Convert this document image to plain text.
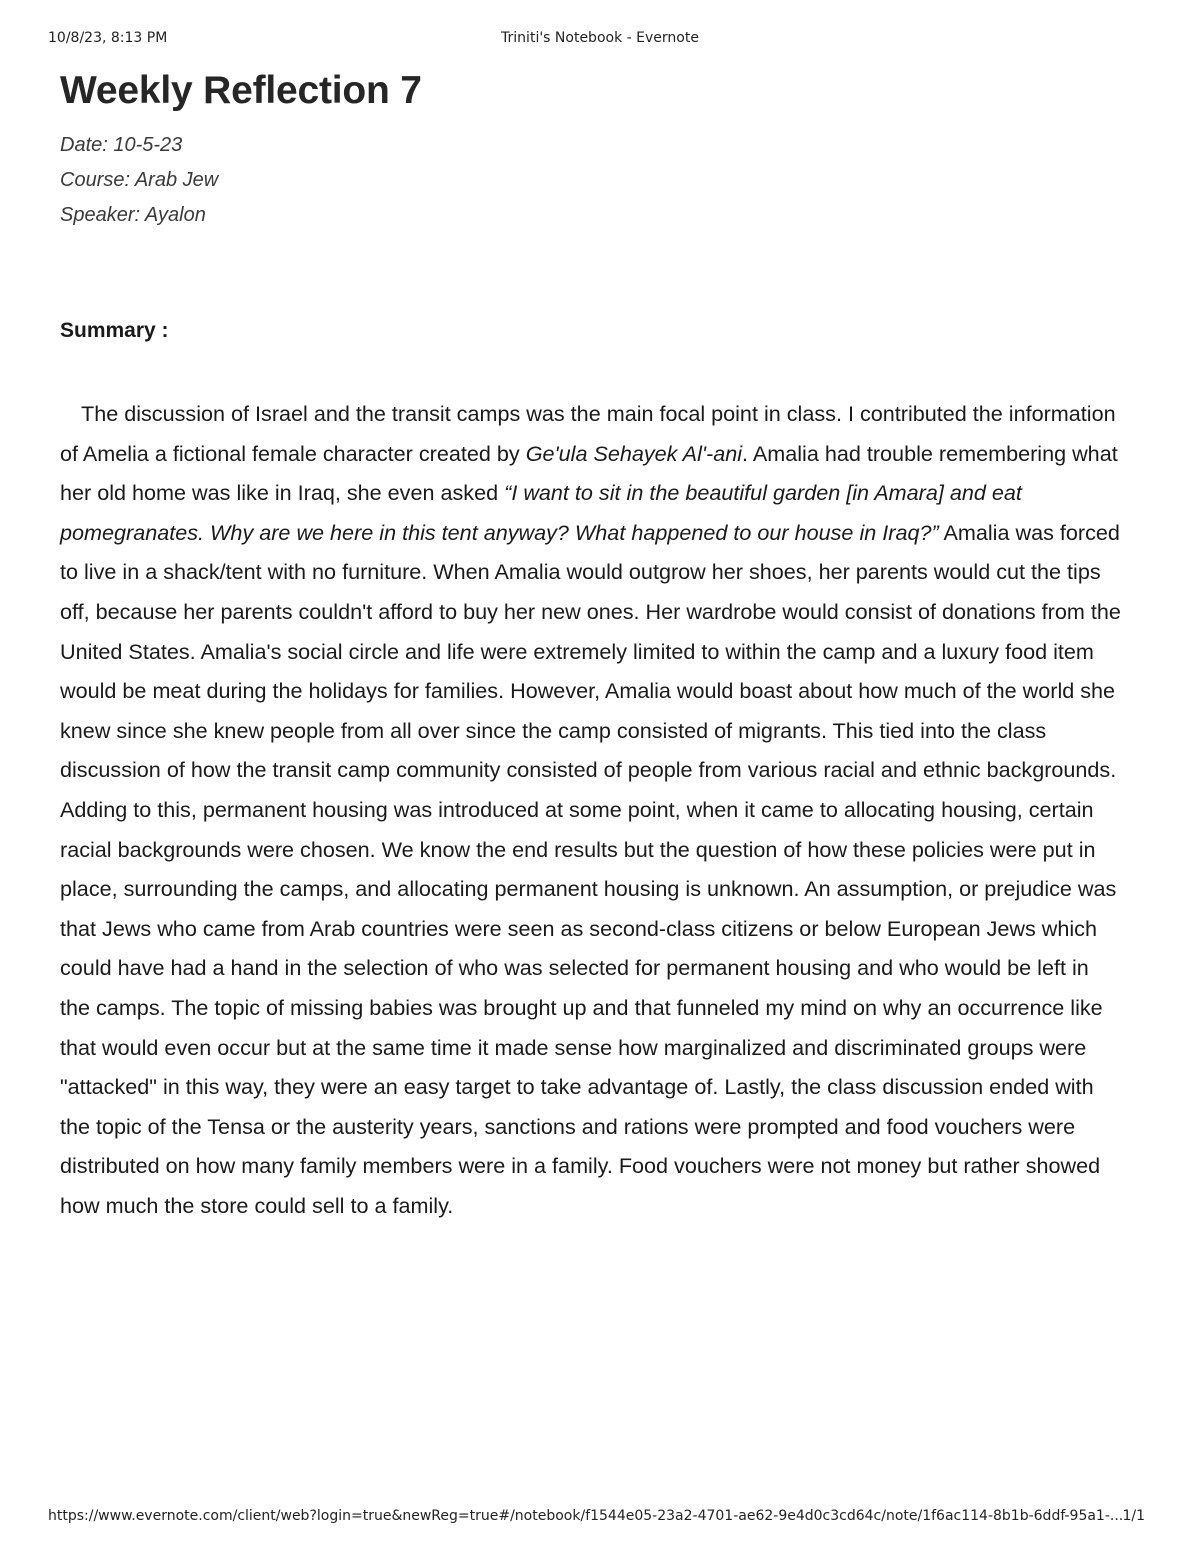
10/8/23, 8:13 PM	Triniti's Notebook - Evernote
Weekly Reflection 7
Date: 10-5-23
Course: Arab Jew
Speaker: Ayalon
Summary :

The discussion of Israel and the transit camps was the main focal point in class. I contributed the information of Amelia a fictional female character created by Ge'ula Sehayek Al'-ani. Amalia had trouble remembering what her old home was like in Iraq, she even asked “I want to sit in the beautiful garden [in Amara] and eat pomegranates. Why are we here in this tent anyway? What happened to our house in Iraq?” Amalia was forced to live in a shack/tent with no furniture. When Amalia would outgrow her shoes, her parents would cut the tips off, because her parents couldn't afford to buy her new ones. Her wardrobe would consist of donations from the United States. Amalia's social circle and life were extremely limited to within the camp and a luxury food item would be meat during the holidays for families. However, Amalia would boast about how much of the world she knew since she knew people from all over since the camp consisted of migrants. This tied into the class discussion of how the transit camp community consisted of people from various racial and ethnic backgrounds. Adding to this, permanent housing was introduced at some point, when it came to allocating housing, certain racial backgrounds were chosen. We know the end results but the question of how these policies were put in place, surrounding the camps, and allocating permanent housing is unknown. An assumption, or prejudice was that Jews who came from Arab countries were seen as second-class citizens or below European Jews which could have had a hand in the selection of who was selected for permanent housing and who would be left in the camps. The topic of missing babies was brought up and that funneled my mind on why an occurrence like that would even occur but at the same time it made sense how marginalized and discriminated groups were "attacked" in this way, they were an easy target to take advantage of. Lastly, the class discussion ended with the topic of the Tensa or the austerity years, sanctions and rations were prompted and food vouchers were distributed on how many family members were in a family. Food vouchers were not money but rather showed how much the store could sell to a family.

https://www.evernote.com/client/web?login=true&newReg=true#/notebook/f1544e05-23a2-4701-ae62-9e4d0c3cd64c/note/1f6ac114-8b1b-6ddf-95a1-... 1/1
